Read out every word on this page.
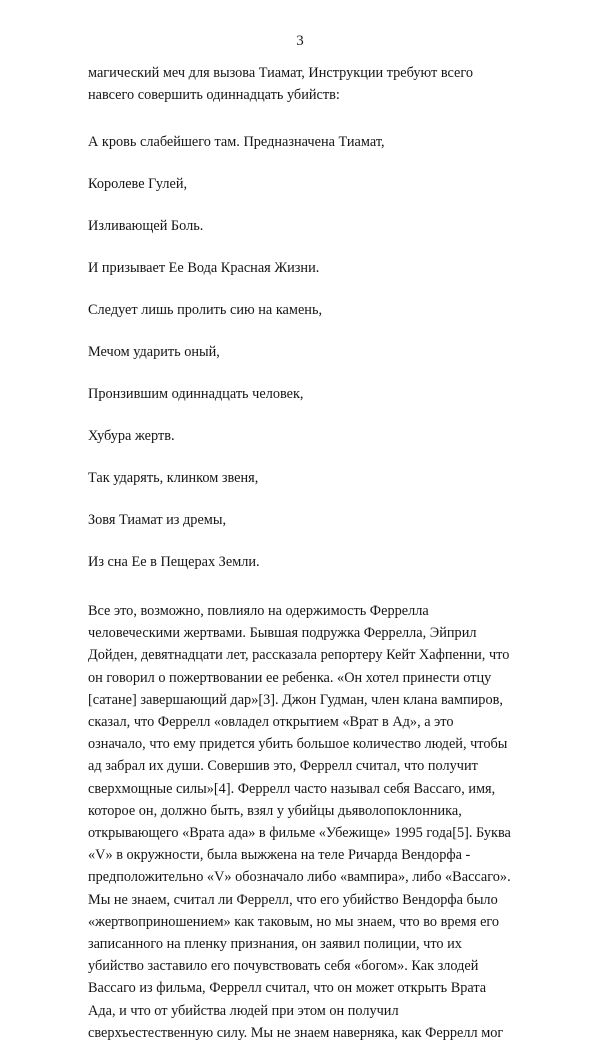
3

магический меч для вызова Тиамат, Инструкции требуют всего навсего совершить одиннадцать убийств:

А кровь слабейшего там. Предназначена Тиамат,
Королеве Гулей,
Изливающей Боль.
И призывает Ее Вода Красная Жизни.
Следует лишь пролить сию на камень,
Мечом ударить оный,
Пронзившим одиннадцать человек,
Хубура жертв.
Так ударять, клинком звеня,
Зовя Тиамат из дремы,
Из сна Ее в Пещерах Земли.

Все это, возможно, повлияло на одержимость Феррелла человеческими жертвами. Бывшая подружка Феррелла, Эйприл Дойден, девятнадцати лет, рассказала репортеру Кейт Хафпенни, что он говорил о пожертвовании ее ребенка. «Он хотел принести отцу [сатане] завершающий дар»[3]. Джон Гудман, член клана вампиров, сказал, что Феррелл «овладел открытием «Врат в Ад», а это означало, что ему придется убить большое количество людей, чтобы ад забрал их души. Совершив это, Феррелл считал, что получит сверхмощные силы»[4]. Феррелл часто называл себя Вассаго, имя, которое он, должно быть, взял у убийцы дьяволопоклонника, открывающего «Врата ада» в фильме «Убежище» 1995 года[5]. Буква «V» в окружности, была выжжена на теле Ричарда Вендорфа - предположительно «V» обозначало либо «вампира», либо «Вассаго». Мы не знаем, считал ли Феррелл, что его убийство Вендорфа было «жертвоприношением» как таковым, но мы знаем, что во время его записанного на пленку признания, он заявил полиции, что их убийство заставило его почувствовать себя «богом». Как злодей Вассаго из фильма, Феррелл считал, что он может открыть Врата Ада, и что от убийства людей при этом он получил сверхъестественную силу. Мы не знаем наверняка, как Феррелл мог
